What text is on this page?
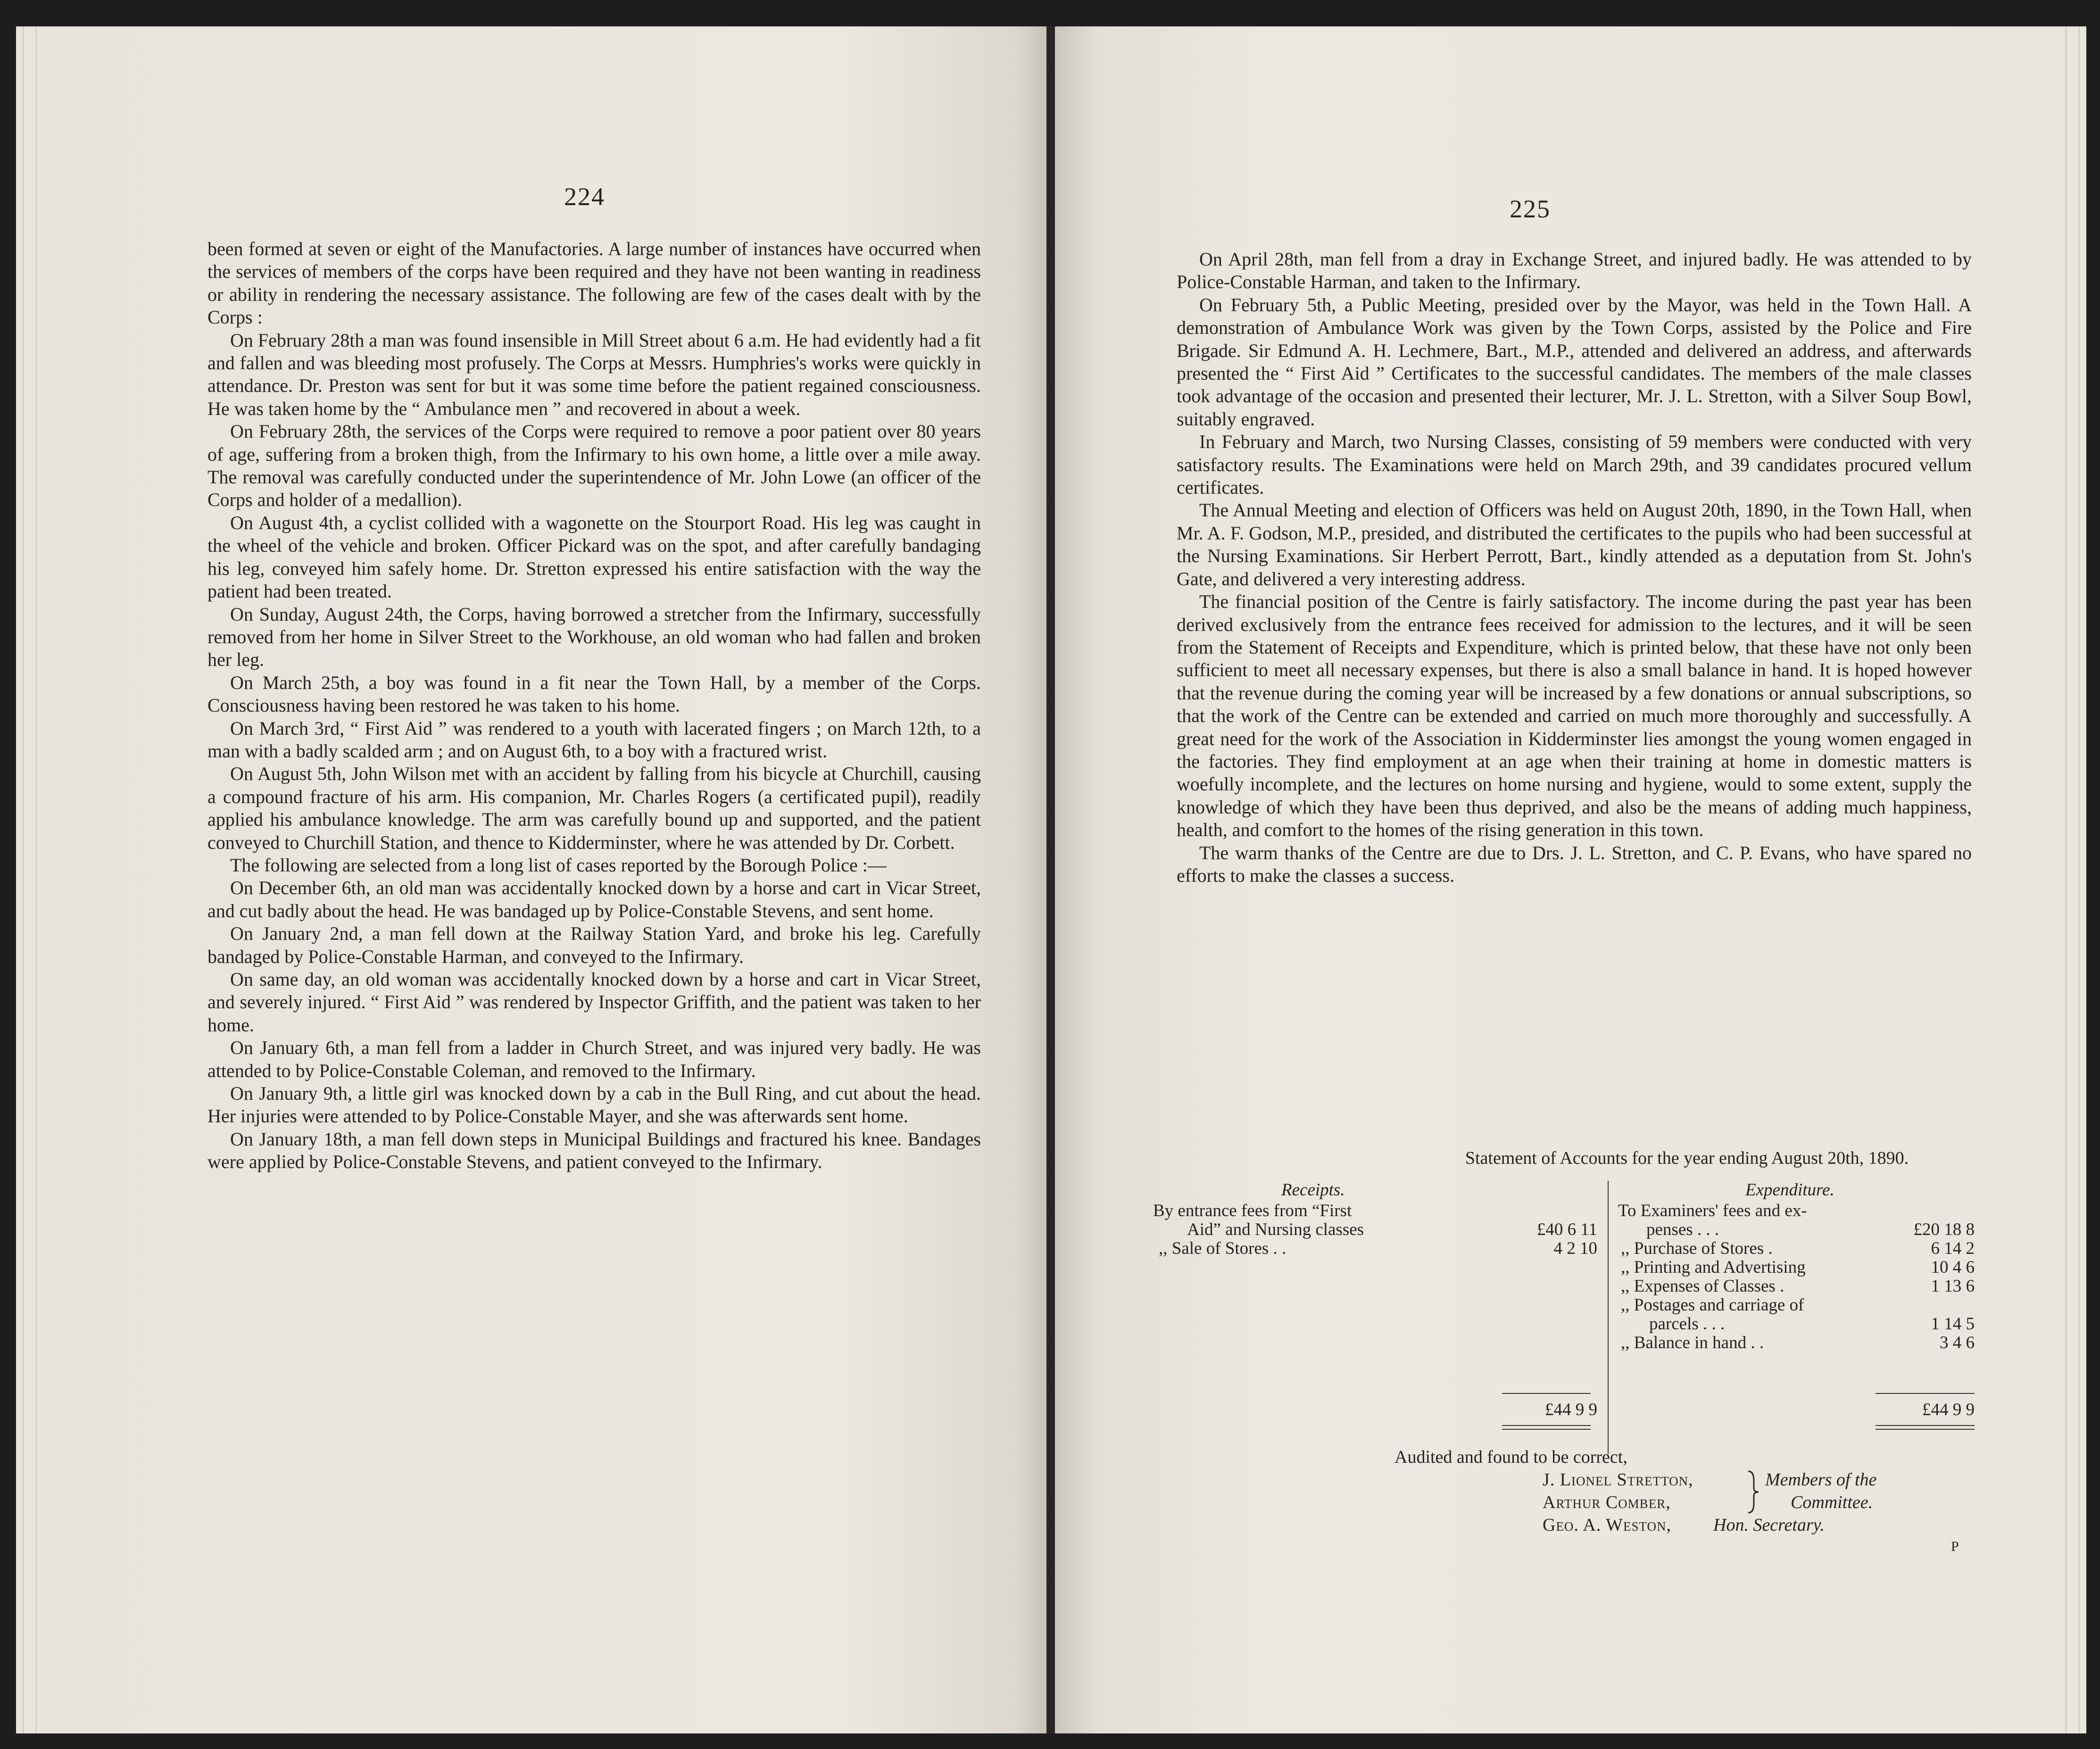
224

been formed at seven or eight of the Manufactories. A large number of instances have occurred when the services of members of the corps have been required and they have not been wanting in readiness or ability in rendering the necessary assistance. The following are few of the cases dealt with by the Corps :

On February 28th a man was found insensible in Mill Street about 6 a.m. He had evidently had a fit and fallen and was bleeding most profusely. The Corps at Messrs. Humphries's works were quickly in attendance. Dr. Preston was sent for but it was some time before the patient regained consciousness. He was taken home by the “ Ambulance men ” and recovered in about a week.

On February 28th, the services of the Corps were required to remove a poor patient over 80 years of age, suffering from a broken thigh, from the Infirmary to his own home, a little over a mile away. The removal was carefully conducted under the superintendence of Mr. John Lowe (an officer of the Corps and holder of a medallion).

On August 4th, a cyclist collided with a wagonette on the Stourport Road. His leg was caught in the wheel of the vehicle and broken. Officer Pickard was on the spot, and after carefully bandaging his leg, conveyed him safely home. Dr. Stretton expressed his entire satisfaction with the way the patient had been treated.

On Sunday, August 24th, the Corps, having borrowed a stretcher from the Infirmary, successfully removed from her home in Silver Street to the Workhouse, an old woman who had fallen and broken her leg.

On March 25th, a boy was found in a fit near the Town Hall, by a member of the Corps. Consciousness having been restored he was taken to his home.

On March 3rd, “ First Aid ” was rendered to a youth with lacerated fingers ; on March 12th, to a man with a badly scalded arm ; and on August 6th, to a boy with a fractured wrist.

On August 5th, John Wilson met with an accident by falling from his bicycle at Churchill, causing a compound fracture of his arm. His companion, Mr. Charles Rogers (a certificated pupil), readily applied his ambulance knowledge. The arm was carefully bound up and supported, and the patient conveyed to Churchill Station, and thence to Kidderminster, where he was attended by Dr. Corbett.

The following are selected from a long list of cases reported by the Borough Police :—

On December 6th, an old man was accidentally knocked down by a horse and cart in Vicar Street, and cut badly about the head. He was bandaged up by Police-Constable Stevens, and sent home.

On January 2nd, a man fell down at the Railway Station Yard, and broke his leg. Carefully bandaged by Police-Constable Harman, and conveyed to the Infirmary.

On same day, an old woman was accidentally knocked down by a horse and cart in Vicar Street, and severely injured. “ First Aid ” was rendered by Inspector Griffith, and the patient was taken to her home.

On January 6th, a man fell from a ladder in Church Street, and was injured very badly. He was attended to by Police-Constable Coleman, and removed to the Infirmary.

On January 9th, a little girl was knocked down by a cab in the Bull Ring, and cut about the head. Her injuries were attended to by Police-Constable Mayer, and she was afterwards sent home.

On January 18th, a man fell down steps in Municipal Buildings and fractured his knee. Bandages were applied by Police-Constable Stevens, and patient conveyed to the Infirmary.

225

On April 28th, man fell from a dray in Exchange Street, and injured badly. He was attended to by Police-Constable Harman, and taken to the Infirmary.

On February 5th, a Public Meeting, presided over by the Mayor, was held in the Town Hall. A demonstration of Ambulance Work was given by the Town Corps, assisted by the Police and Fire Brigade. Sir Edmund A. H. Lechmere, Bart., M.P., attended and delivered an address, and afterwards presented the “ First Aid ” Certificates to the successful candidates. The members of the male classes took advantage of the occasion and presented their lecturer, Mr. J. L. Stretton, with a Silver Soup Bowl, suitably engraved.

In February and March, two Nursing Classes, consisting of 59 members were conducted with very satisfactory results. The Examinations were held on March 29th, and 39 candidates procured vellum certificates.

The Annual Meeting and election of Officers was held on August 20th, 1890, in the Town Hall, when Mr. A. F. Godson, M.P., presided, and distributed the certificates to the pupils who had been successful at the Nursing Examinations. Sir Herbert Perrott, Bart., kindly attended as a deputation from St. John's Gate, and delivered a very interesting address.

The financial position of the Centre is fairly satisfactory. The income during the past year has been derived exclusively from the entrance fees received for admission to the lectures, and it will be seen from the Statement of Receipts and Expenditure, which is printed below, that these have not only been sufficient to meet all necessary expenses, but there is also a small balance in hand. It is hoped however that the revenue during the coming year will be increased by a few donations or annual subscriptions, so that the work of the Centre can be extended and carried on much more thoroughly and successfully. A great need for the work of the Association in Kidderminster lies amongst the young women engaged in the factories. They find employment at an age when their training at home in domestic matters is woefully incomplete, and the lectures on home nursing and hygiene, would to some extent, supply the knowledge of which they have been thus deprived, and also be the means of adding much happiness, health, and comfort to the homes of the rising generation in this town.

The warm thanks of the Centre are due to Drs. J. L. Stretton, and C. P. Evans, who have spared no efforts to make the classes a success.

Statement of Accounts for the year ending August 20th, 1890.
Receipts.	Expenditure.
By entrance fees from “First
Aid” and Nursing classes	£40 6 11
,, Sale of Stores . .	4 2 10
£44 9 9
To Examiners' fees and ex-
penses . . .	£20 18 8
,, Purchase of Stores .	6 14 2
,, Printing and Advertising	10 4 6
,, Expenses of Classes .	1 13 6
,, Postages and carriage of
parcels . . .	1 14 5
,, Balance in hand . .	3 4 6
£44 9 9
Audited and found to be correct,
J. Lionel Stretton,
Arthur Comber,
Members of the
Committee.
Geo. A. Weston, Hon. Secretary.
P
